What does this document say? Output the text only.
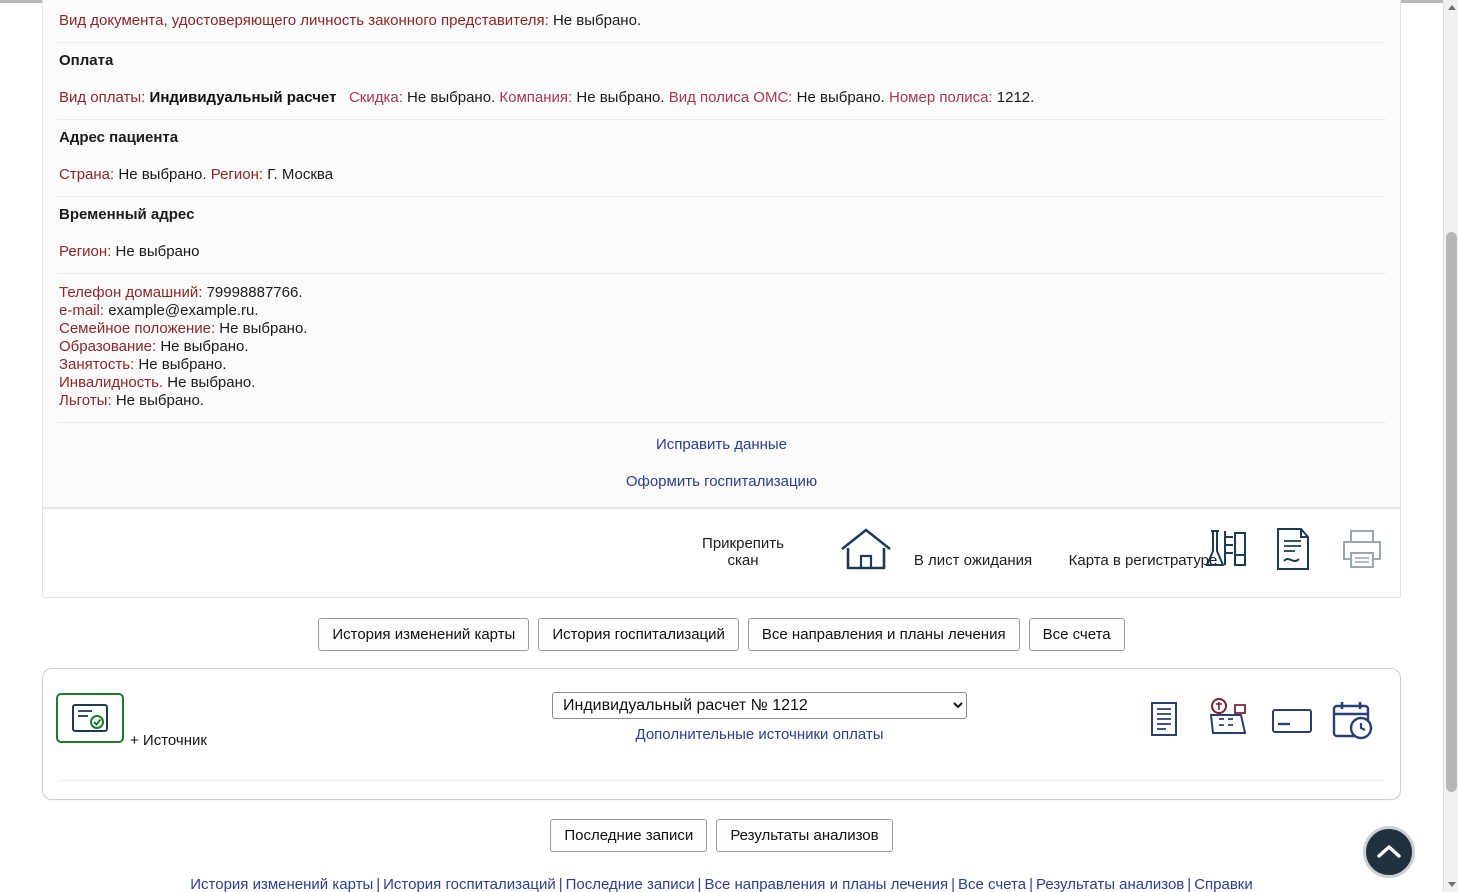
Вид документа, удостоверяющего личность законного представителя: Не выбрано.
Оплата
Вид оплаты: Индивидуальный расчет Скидка: Не выбрано. Компания: Не выбрано. Вид полиса ОМС: Не выбрано. Номер полиса: 1212.
Адрес пациента
Страна: Не выбрано. Регион: Г. Москва
Временный адрес
Регион: Не выбрано
Телефон домашний: 79998887766.
e-mail: example@example.ru.
Семейное положение: Не выбрано.
Образование: Не выбрано.
Занятость: Не выбрано.
Инвалидность. Не выбрано.
Льготы: Не выбрано.
Исправить данные
Оформить госпитализацию
Прикрепить скан	В лист ожидания	Карта в регистратуре
История изменений карты	История госпитализаций	Все направления и планы лечения	Все счета
+ Источник
Индивидуальный расчет № 1212	Дополнительные источники оплаты
Последние записи	Результаты анализов
История изменений карты | История госпитализаций | Последние записи | Все направления и планы лечения | Все счета | Результаты анализов | Справки
